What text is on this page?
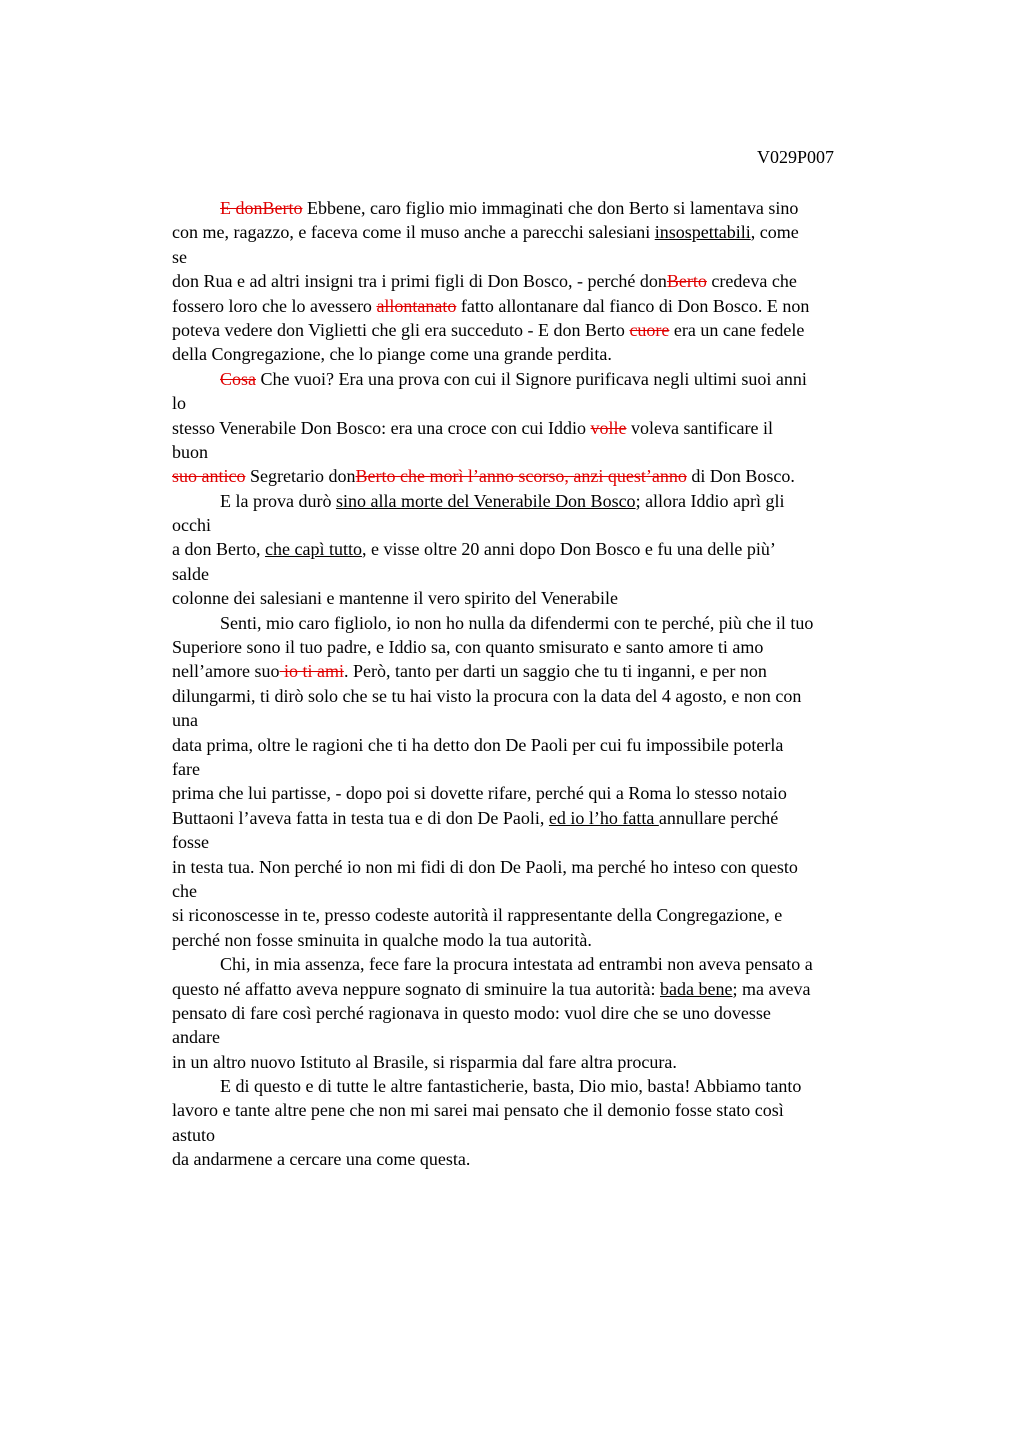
V029P007
E donBerto Ebbene, caro figlio mio immaginati che don Berto si lamentava sino
con me, ragazzo, e faceva come il muso anche a parecchi salesiani insospettabili, come
se
don Rua e ad altri insigni tra i primi figli di Don Bosco, - perché donBerto credeva che
fossero loro che lo avessero allontanato fatto allontanare dal fianco di Don Bosco. E non
poteva vedere don Viglietti che gli era succeduto - E don Berto cuore era un cane fedele
della Congregazione, che lo piange come una grande perdita.
Cosa Che vuoi? Era una prova con cui il Signore purificava negli ultimi suoi anni
lo
stesso Venerabile Don Bosco: era una croce con cui Iddio volle voleva santificare il
buon
suo antico Segretario donBerto che morì l’anno scorso, anzi quest’anno di Don Bosco.
E la prova durò sino alla morte del Venerabile Don Bosco; allora Iddio aprì gli
occhi
a don Berto, che capì tutto, e visse oltre 20 anni dopo Don Bosco e fu una delle più’
salde
colonne dei salesiani e mantenne il vero spirito del Venerabile
Senti, mio caro figliolo, io non ho nulla da difendermi con te perché, più che il tuo
Superiore sono il tuo padre, e Iddio sa, con quanto smisurato e santo amore ti amo
nell’amore suo io ti ami. Però, tanto per darti un saggio che tu ti inganni, e per non
dilungarmi, ti dirò solo che se tu hai visto la procura con la data del 4 agosto, e non con
una
data prima, oltre le ragioni che ti ha detto don De Paoli per cui fu impossibile poterla
fare
prima che lui partisse, - dopo poi si dovette rifare, perché qui a Roma lo stesso notaio
Buttaoni l’aveva fatta in testa tua e di don De Paoli, ed io l’ho fatta annullare perché
fosse
in testa tua. Non perché io non mi fidi di don De Paoli, ma perché ho inteso con questo
che
si riconoscesse in te, presso codeste autorità il rappresentante della Congregazione, e
perché non fosse sminuita in qualche modo la tua autorità.
Chi, in mia assenza, fece fare la procura intestata ad entrambi non aveva pensato a
questo né affatto aveva neppure sognato di sminuire la tua autorità: bada bene; ma aveva
pensato di fare così perché ragionava in questo modo: vuol dire che se uno dovesse
andare
in un altro nuovo Istituto al Brasile, si risparmia dal fare altra procura.
E di questo e di tutte le altre fantasticherie, basta, Dio mio, basta! Abbiamo tanto
lavoro e tante altre pene che non mi sarei mai pensato che il demonio fosse stato così
astuto
da andarmene a cercare una come questa.
